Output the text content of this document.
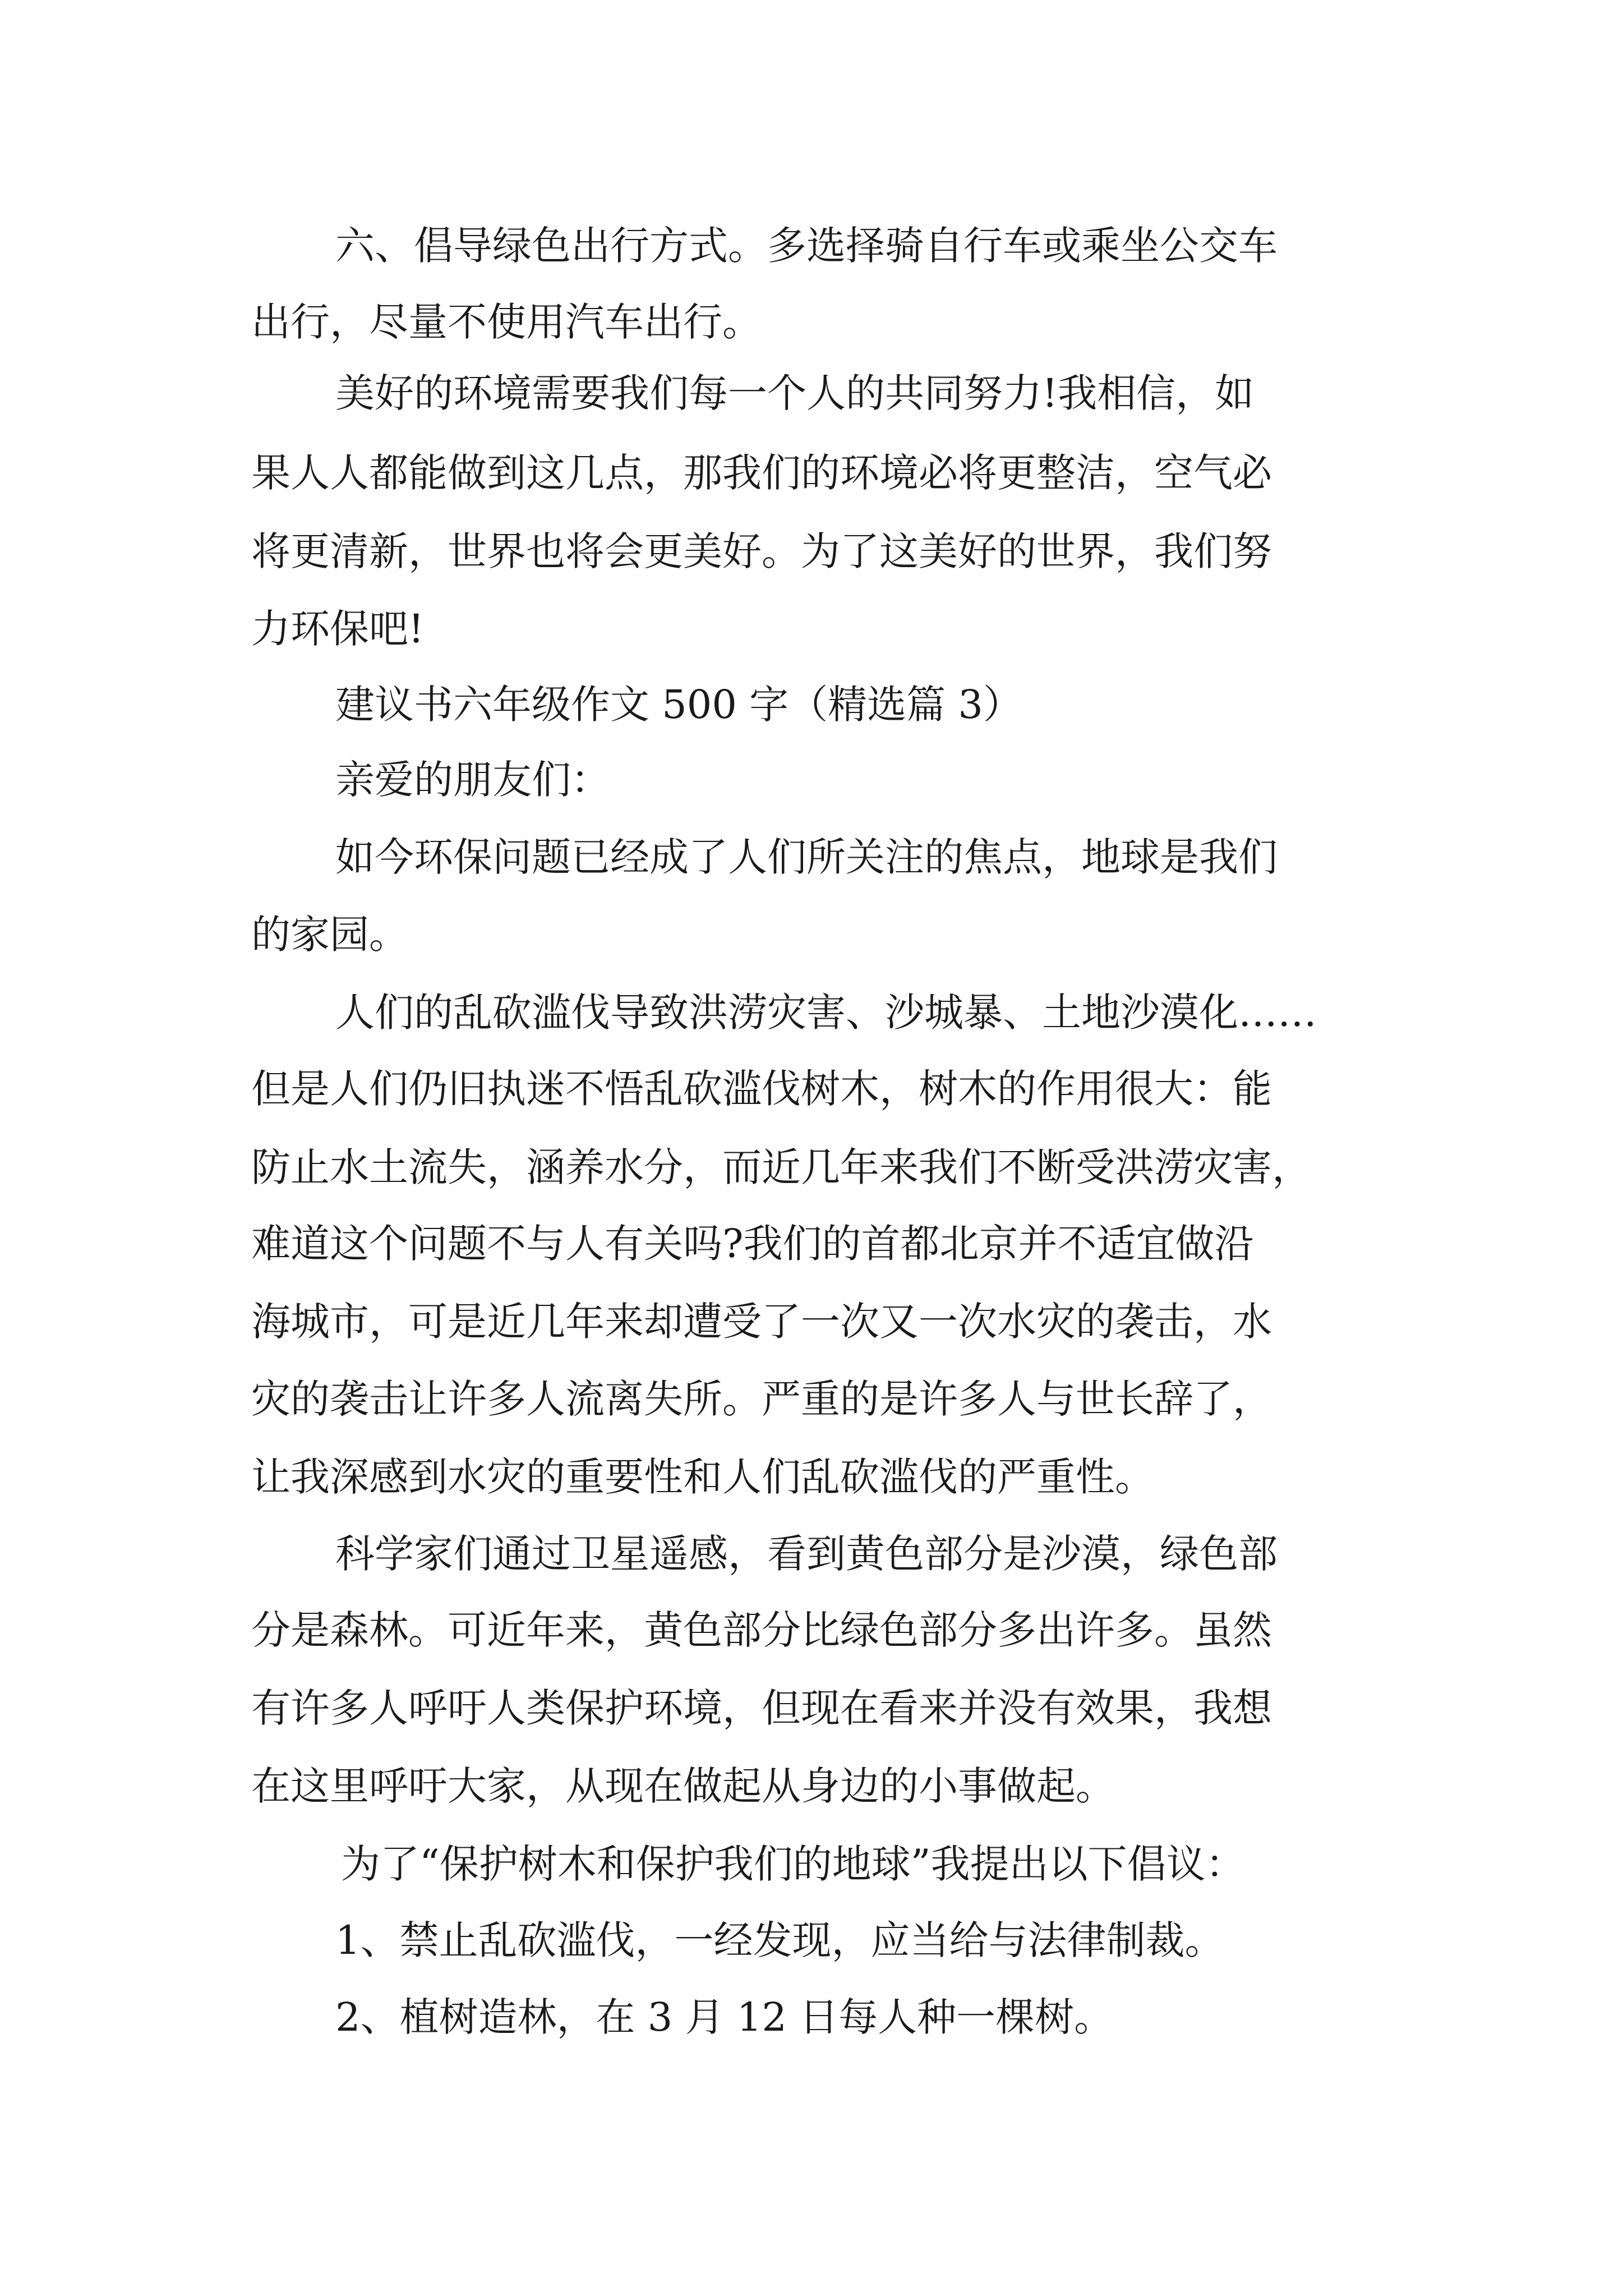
六、倡导绿色出行方式。多选择骑自行车或乘坐公交车
出行，尽量不使用汽车出行。
美好的环境需要我们每一个人的共同努力!我相信，如
果人人都能做到这几点，那我们的环境必将更整洁，空气必
将更清新，世界也将会更美好。为了这美好的世界，我们努
力环保吧!
建议书六年级作文 500 字（精选篇 3）
亲爱的朋友们：
如今环保问题已经成了人们所关注的焦点，地球是我们
的家园。
人们的乱砍滥伐导致洪涝灾害、沙城暴、土地沙漠化……
但是人们仍旧执迷不悟乱砍滥伐树木，树木的作用很大：能
防止水土流失，涵养水分，而近几年来我们不断受洪涝灾害，
难道这个问题不与人有关吗?我们的首都北京并不适宜做沿
海城市，可是近几年来却遭受了一次又一次水灾的袭击，水
灾的袭击让许多人流离失所。严重的是许多人与世长辞了，
让我深感到水灾的重要性和人们乱砍滥伐的严重性。
科学家们通过卫星遥感，看到黄色部分是沙漠，绿色部
分是森林。可近年来，黄色部分比绿色部分多出许多。虽然
有许多人呼吁人类保护环境，但现在看来并没有效果，我想
在这里呼吁大家，从现在做起从身边的小事做起。
为了“保护树木和保护我们的地球”我提出以下倡议：
1、禁止乱砍滥伐，一经发现，应当给与法律制裁。
2、植树造林，在 3 月 12 日每人种一棵树。
